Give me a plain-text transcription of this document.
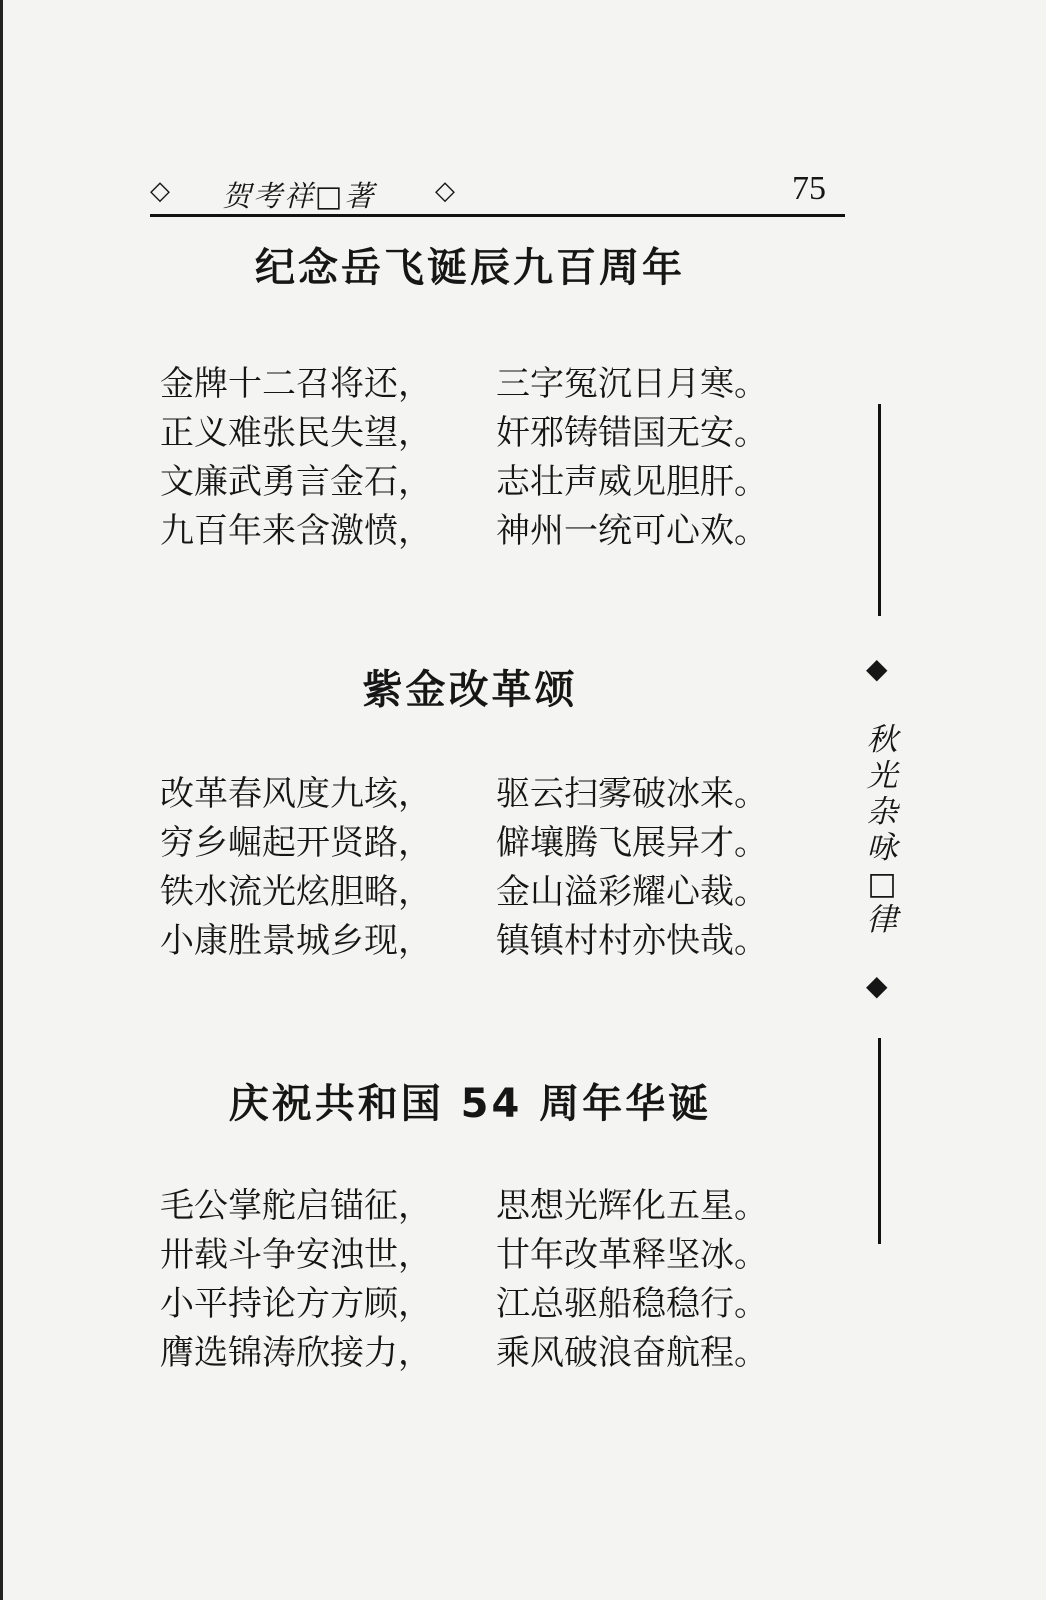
◇ 贺考祥□著 ◇	75
纪念岳飞诞辰九百周年
金牌十二召将还， 三字冤沉日月寒。
正义难张民失望， 奸邪铸错国无安。
文廉武勇言金石， 志壮声威见胆肝。
九百年来含激愤， 神州一统可心欢。
紫金改革颂
改革春风度九垓， 驱云扫雾破冰来。
穷乡崛起开贤路， 僻壤腾飞展异才。
铁水流光炫胆略， 金山溢彩耀心裁。
小康胜景城乡现， 镇镇村村亦快哉。
庆祝共和国 54 周年华诞
毛公掌舵启锚征， 思想光辉化五星。
卅载斗争安浊世， 廿年改革释坚冰。
小平持论方方顾， 江总驱船稳稳行。
膺选锦涛欣接力， 乘风破浪奋航程。
◆
秋
光
杂
咏
□
律
◆
